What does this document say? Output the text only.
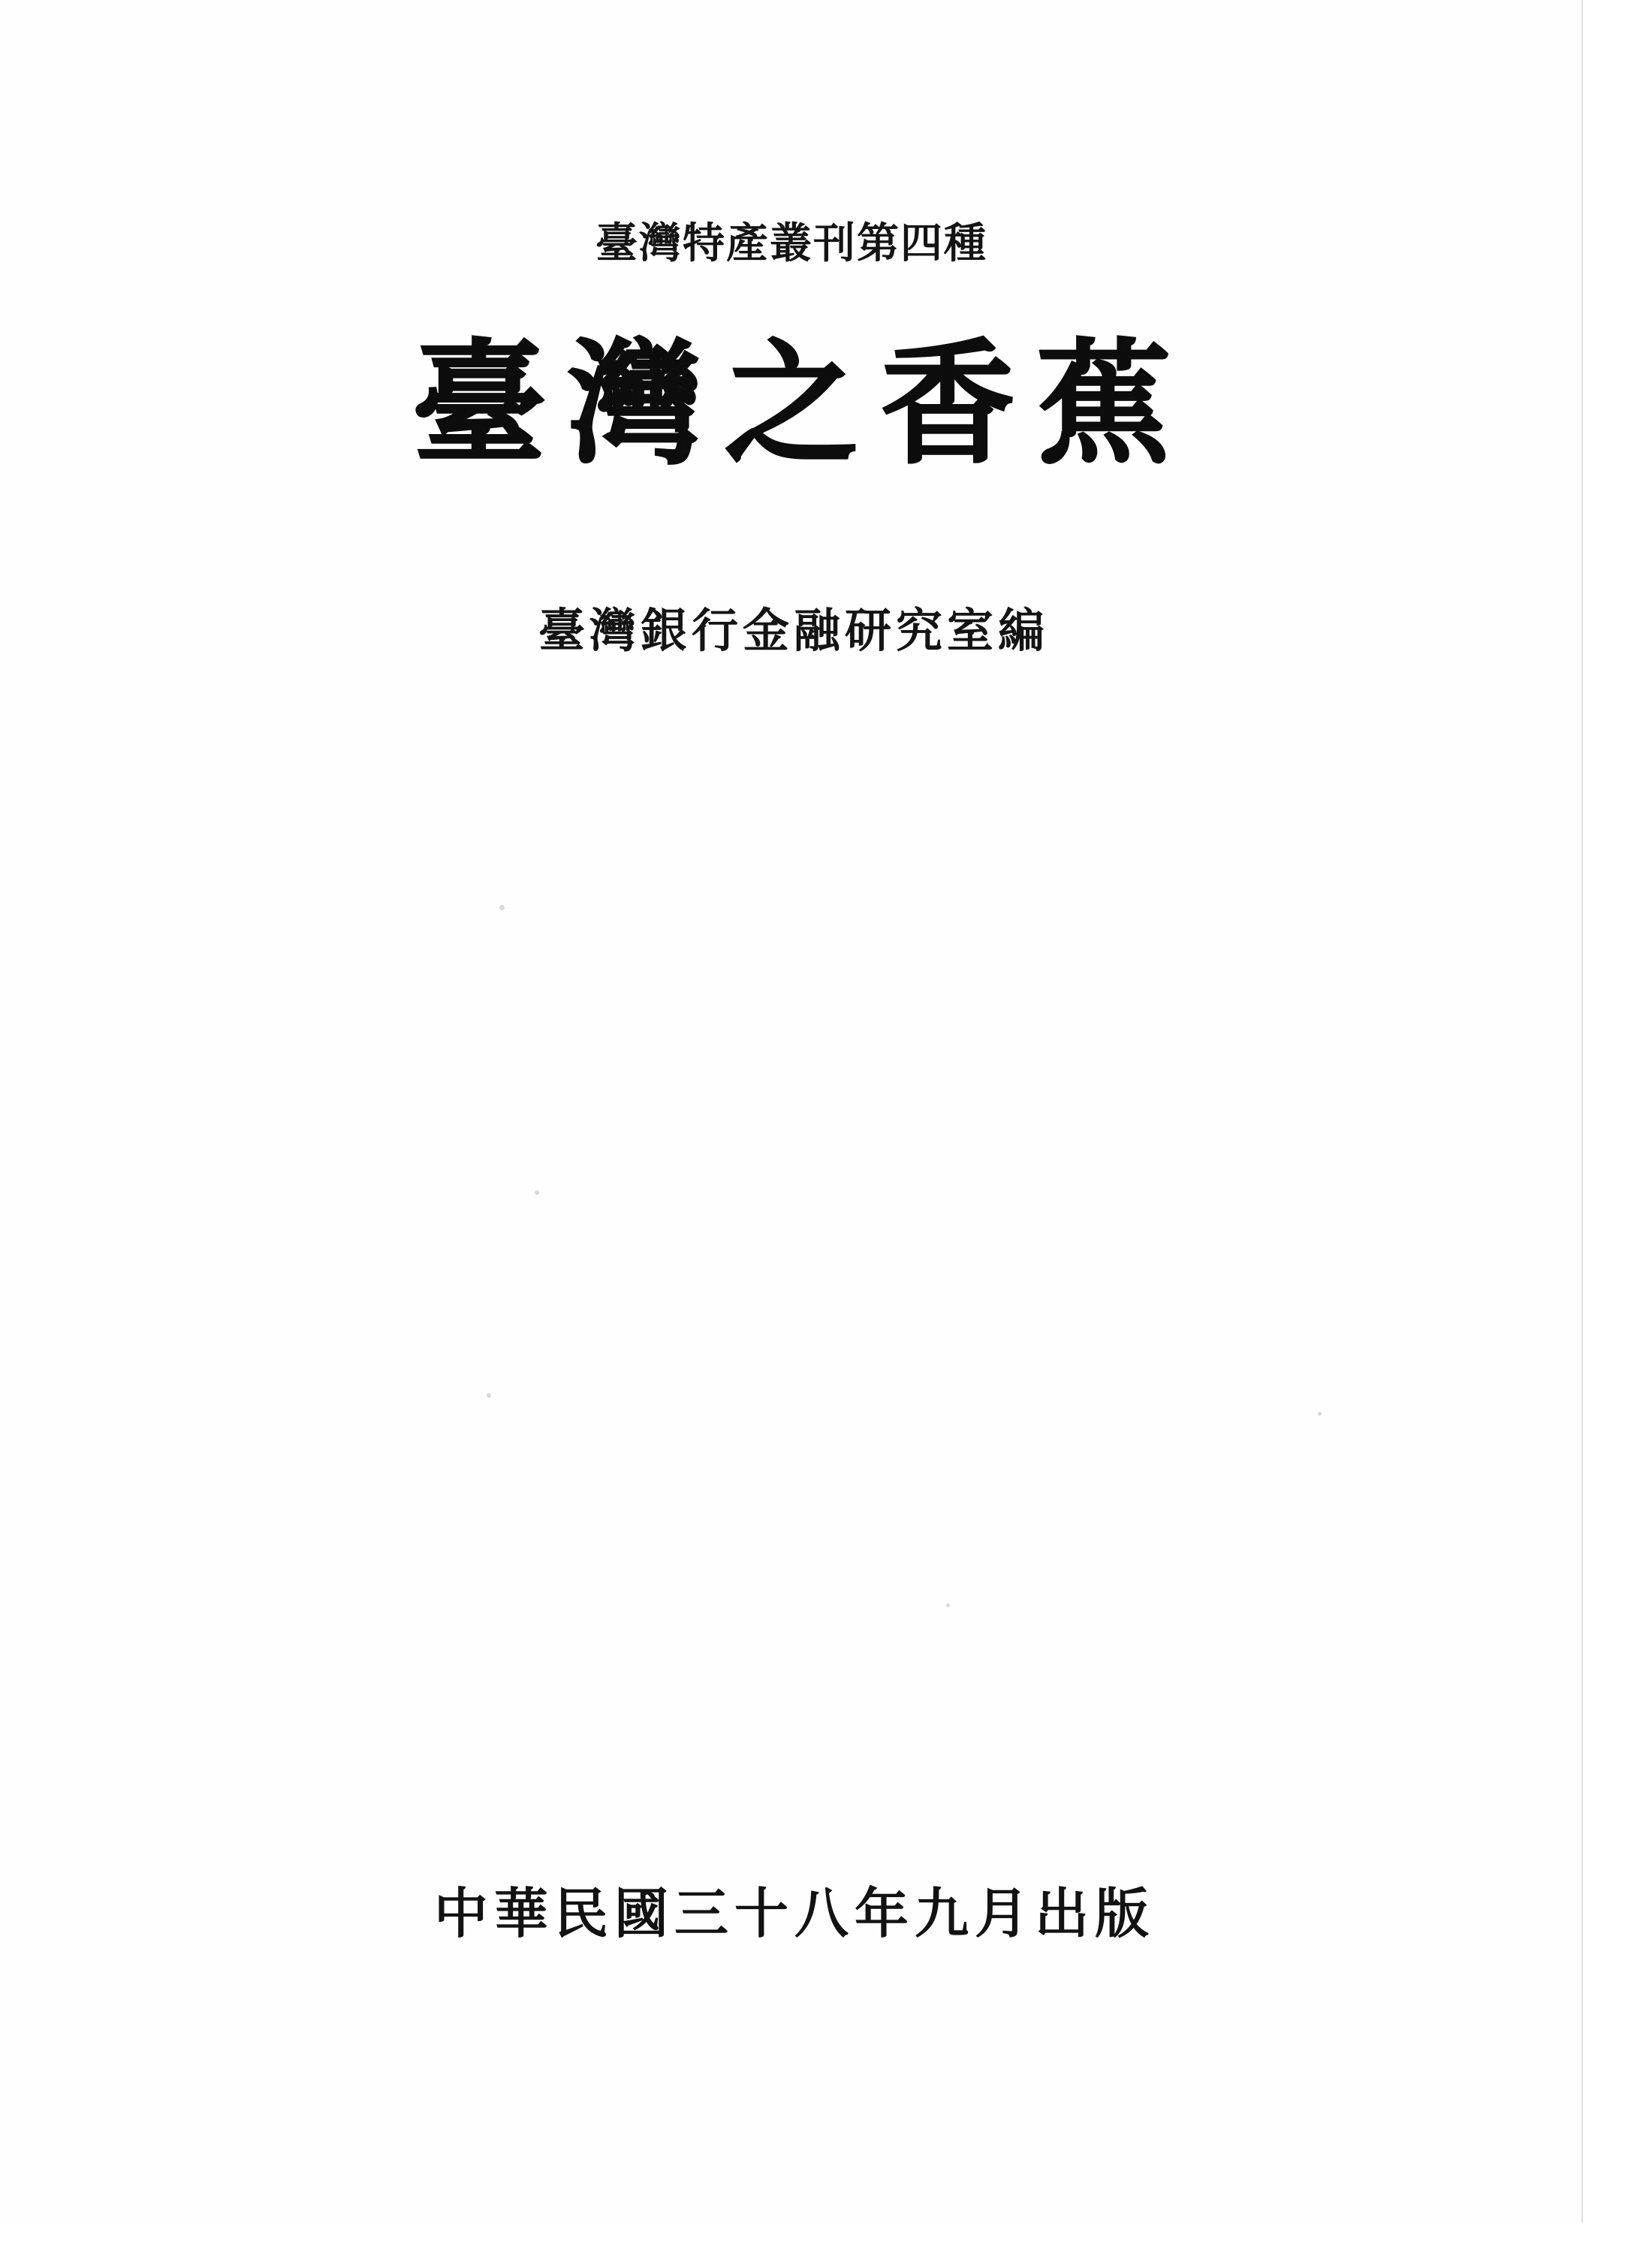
臺灣特產叢刊第四種
臺灣之香蕉
臺灣銀行金融研究室編
中華民國三十八年九月出版
